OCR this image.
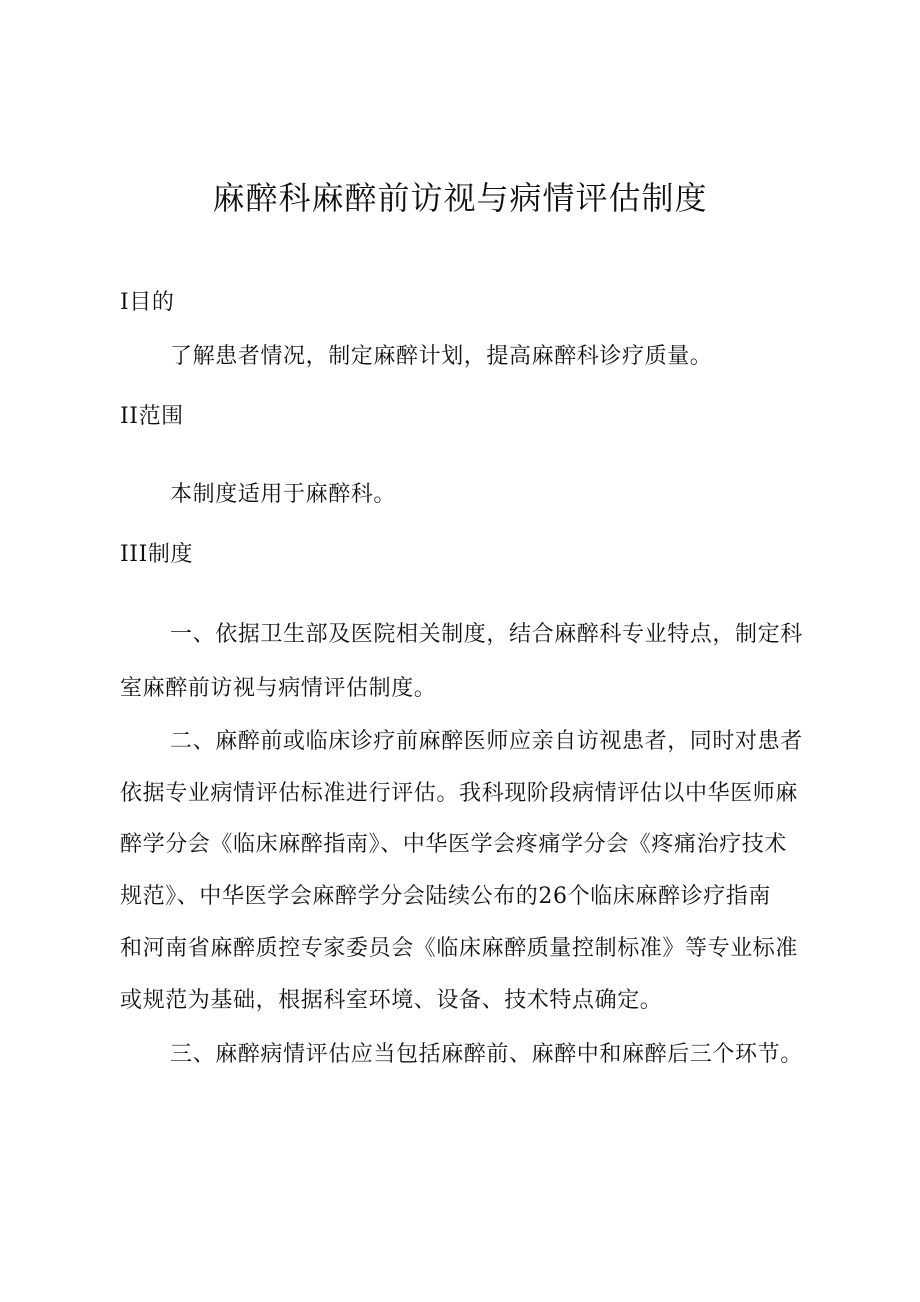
麻醉科麻醉前访视与病情评估制度
I目的
了解患者情况，制定麻醉计划，提高麻醉科诊疗质量。
II范围
本制度适用于麻醉科。
III制度
一、依据卫生部及医院相关制度，结合麻醉科专业特点，制定科
室麻醉前访视与病情评估制度。
二、麻醉前或临床诊疗前麻醉医师应亲自访视患者，同时对患者
依据专业病情评估标准进行评估。我科现阶段病情评估以中华医师麻
醉学分会《临床麻醉指南》、中华医学会疼痛学分会《疼痛治疗技术
规范》、中华医学会麻醉学分会陆续公布的26个临床麻醉诊疗指南
和河南省麻醉质控专家委员会《临床麻醉质量控制标准》等专业标准
或规范为基础，根据科室环境、设备、技术特点确定。
三、麻醉病情评估应当包括麻醉前、麻醉中和麻醉后三个环节。
